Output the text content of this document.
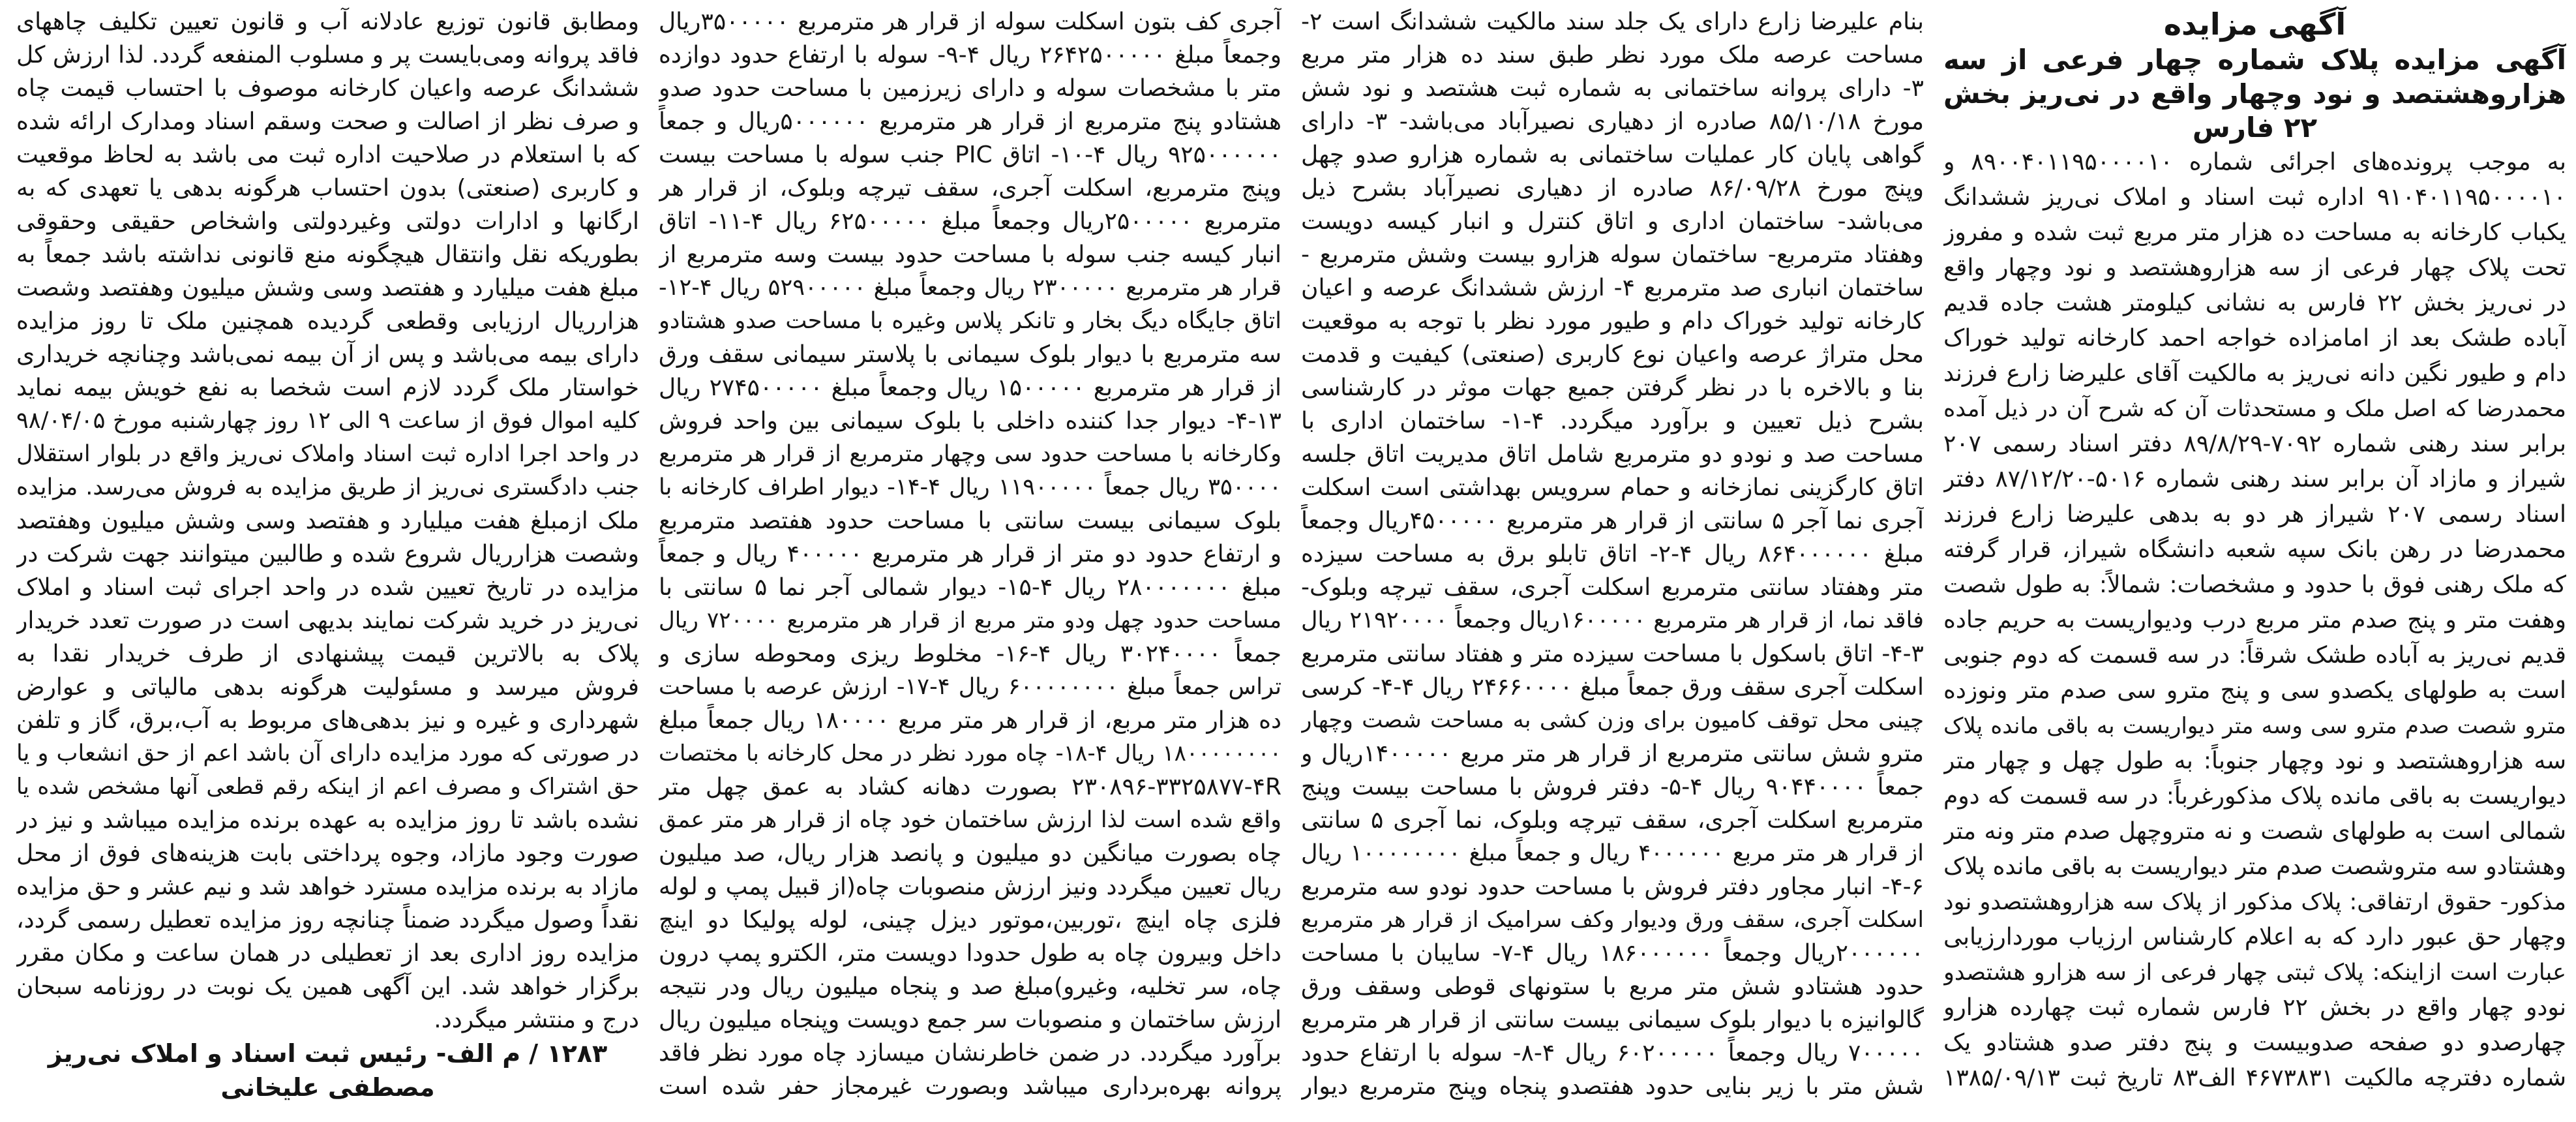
آگهی مزایده
آگهی مزایده پلاک شماره چهار فرعی از سه
هزاروهشتصد و نود وچهار واقع در نی‌ریز بخش
۲۲ فارس
به موجب پرونده‌های اجرائی شماره ۸۹۰۰۴۰۱۱۹۵۰۰۰۰۱۰ و
۹۱۰۴۰۱۱۹۵۰۰۰۰۱۰ اداره ثبت اسناد و املاک نی‌ریز ششدانگ
یکباب کارخانه به مساحت ده هزار متر مربع ثبت شده و مفروز
تحت پلاک چهار فرعی از سه هزاروهشتصد و نود وچهار واقع
در نی‌ریز بخش ۲۲ فارس به نشانی کیلومتر هشت جاده قدیم
آباده طشک بعد از امامزاده خواجه احمد کارخانه تولید خوراک
دام و طیور نگین دانه نی‌ریز به مالکیت آقای علیرضا زارع فرزند
محمدرضا که اصل ملک و مستحدثات آن که شرح آن در ذیل آمده
برابر سند رهنی شماره ۷۰۹۲-۸۹/۸/۲۹ دفتر اسناد رسمی ۲۰۷
شیراز و مازاد آن برابر سند رهنی شماره ۵۰۱۶-۸۷/۱۲/۲۰ دفتر
اسناد رسمی ۲۰۷ شیراز هر دو به بدهی علیرضا زارع فرزند
محمدرضا در رهن بانک سپه شعبه دانشگاه شیراز، قرار گرفته
که ملک رهنی فوق با حدود و مشخصات: شمالاً: به طول شصت
وهفت متر و پنج صدم متر مربع درب ودیواریست به حریم جاده
قدیم نی‌ریز به آباده طشک شرقاً: در سه قسمت که دوم جنوبی
است به طولهای یکصدو سی و پنج مترو سی صدم متر ونوزده
مترو شصت صدم مترو سی وسه متر دیواریست به باقی مانده پلاک
سه هزاروهشتصد و نود وچهار جنوباً: به طول چهل و چهار متر
دیواریست به باقی مانده پلاک مذکورغرباً: در سه قسمت که دوم
شمالی است به طولهای شصت و نه متروچهل صدم متر ونه متر
وهشتادو سه متروشصت صدم متر دیواریست به باقی مانده پلاک
مذکور- حقوق ارتفاقی: پلاک مذکور از پلاک سه هزاروهشتصدو نود
وچهار حق عبور دارد که به اعلام کارشناس ارزیاب موردارزیابی
عبارت است ازاینکه: پلاک ثبتی چهار فرعی از سه هزارو هشتصدو
نودو چهار واقع در بخش ۲۲ فارس شماره ثبت چهارده هزارو
چهارصدو دو صفحه صدوبیست و پنج دفتر صدو هشتادو یک
شماره دفترچه مالکیت ۴۶۷۳۸۳۱ الف۸۳ تاریخ ثبت ۱۳۸۵/۰۹/۱۳
بنام علیرضا زارع دارای یک جلد سند مالکیت ششدانگ است ۲-
مساحت عرصه ملک مورد نظر طبق سند ده هزار متر مربع
۳- دارای پروانه ساختمانی به شماره ثبت هشتصد و نود شش
مورخ ۸۵/۱۰/۱۸ صادره از دهیاری نصیرآباد می‌باشد- ۳- دارای
گواهی پایان کار عملیات ساختمانی به شماره هزارو صدو چهل
وپنج مورخ ۸۶/۰۹/۲۸ صادره از دهیاری نصیرآباد بشرح ذیل
می‌باشد- ساختمان اداری و اتاق کنترل و انبار کیسه دویست
وهفتاد مترمربع- ساختمان سوله هزارو بیست وشش مترمربع -
ساختمان انباری صد مترمربع ۴- ارزش ششدانگ عرصه و اعیان
کارخانه تولید خوراک دام و طیور مورد نظر با توجه به موقعیت
محل متراژ عرصه واعیان نوع کاربری (صنعتی) کیفیت و قدمت
بنا و بالاخره با در نظر گرفتن جمیع جهات موثر در کارشناسی
بشرح ذیل تعیین و برآورد میگردد. ۴-۱- ساختمان اداری با
مساحت صد و نودو دو مترمربع شامل اتاق مدیریت اتاق جلسه
اتاق کارگزینی نمازخانه و حمام سرویس بهداشتی است اسکلت
آجری نما آجر ۵ سانتی از قرار هر مترمربع ۴۵۰۰۰۰۰ریال وجمعاً
مبلغ ۸۶۴۰۰۰۰۰۰ ریال ۴-۲- اتاق تابلو برق به مساحت سیزده
متر وهفتاد سانتی مترمربع اسکلت آجری، سقف تیرچه وبلوک-
فاقد نما، از قرار هر مترمربع ۱۶۰۰۰۰۰ریال وجمعاً ۲۱۹۲۰۰۰۰ ریال
۴-۳- اتاق باسکول با مساحت سیزده متر و هفتاد سانتی مترمربع
اسکلت آجری سقف ورق جمعاً مبلغ ۲۴۶۶۰۰۰۰ ریال ۴-۴- کرسی
چینی محل توقف کامیون برای وزن کشی به مساحت شصت وچهار
مترو شش سانتی مترمربع از قرار هر متر مربع ۱۴۰۰۰۰۰ریال و
جمعاً ۹۰۴۴۰۰۰۰ ریال ۴-۵- دفتر فروش با مساحت بیست وپنج
مترمربع اسکلت آجری، سقف تیرچه وبلوک، نما آجری ۵ سانتی
از قرار هر متر مربع ۴۰۰۰۰۰۰ ریال و جمعاً مبلغ ۱۰۰۰۰۰۰۰۰ ریال
۴-۶- انبار مجاور دفتر فروش با مساحت حدود نودو سه مترمربع
اسکلت آجری، سقف ورق ودیوار وکف سرامیک از قرار هر مترمربع
۲۰۰۰۰۰۰ریال وجمعاً ۱۸۶۰۰۰۰۰۰ ریال ۴-۷- سایبان با مساحت
حدود هشتادو شش متر مربع با ستونهای قوطی وسقف ورق
گالوانیزه با دیوار بلوک سیمانی بیست سانتی از قرار هر مترمربع
۷۰۰۰۰۰ ریال وجمعاً ۶۰۲۰۰۰۰۰ ریال ۴-۸- سوله با ارتفاع حدود
شش متر با زیر بنایی حدود هفتصدو پنجاه وپنج مترمربع دیوار
آجری کف بتون اسکلت سوله از قرار هر مترمربع ۳۵۰۰۰۰۰ریال
وجمعاً مبلغ ۲۶۴۲۵۰۰۰۰۰ ریال ۴-۹- سوله با ارتفاع حدود دوازده
متر با مشخصات سوله و دارای زیرزمین با مساحت حدود صدو
هشتادو پنج مترمربع از قرار هر مترمربع ۵۰۰۰۰۰۰ریال و جمعاً
۹۲۵۰۰۰۰۰۰ ریال ۴-۱۰- اتاق PIC جنب سوله با مساحت بیست
وپنج مترمربع، اسکلت آجری، سقف تیرچه وبلوک، از قرار هر
مترمربع ۲۵۰۰۰۰۰ریال وجمعاً مبلغ ۶۲۵۰۰۰۰۰ ریال ۴-۱۱- اتاق
انبار کیسه جنب سوله با مساحت حدود بیست وسه مترمربع از
قرار هر مترمربع ۲۳۰۰۰۰۰ ریال وجمعاً مبلغ ۵۲۹۰۰۰۰۰ ریال ۴-۱۲-
اتاق جایگاه دیگ بخار و تانکر پلاس وغیره با مساحت صدو هشتادو
سه مترمربع با دیوار بلوک سیمانی با پلاستر سیمانی سقف ورق
از قرار هر مترمربع ۱۵۰۰۰۰۰ ریال وجمعاً مبلغ ۲۷۴۵۰۰۰۰۰ ریال
۴-۱۳- دیوار جدا کننده داخلی با بلوک سیمانی بین واحد فروش
وکارخانه با مساحت حدود سی وچهار مترمربع از قرار هر مترمربع
۳۵۰۰۰۰ ریال جمعاً ۱۱۹۰۰۰۰۰ ریال ۴-۱۴- دیوار اطراف کارخانه با
بلوک سیمانی بیست سانتی با مساحت حدود هفتصد مترمربع
و ارتفاع حدود دو متر از قرار هر مترمربع ۴۰۰۰۰۰ ریال و جمعاً
مبلغ ۲۸۰۰۰۰۰۰۰ ریال ۴-۱۵- دیوار شمالی آجر نما ۵ سانتی با
مساحت حدود چهل ودو متر مربع از قرار هر مترمربع ۷۲۰۰۰۰ ریال
جمعاً ۳۰۲۴۰۰۰۰ ریال ۴-۱۶- مخلوط ریزی ومحوطه سازی و
تراس جمعاً مبلغ ۶۰۰۰۰۰۰۰۰ ریال ۴-۱۷- ارزش عرصه با مساحت
ده هزار متر مربع، از قرار هر متر مربع ۱۸۰۰۰۰ ریال جمعاً مبلغ
۱۸۰۰۰۰۰۰۰۰ ریال ۴-۱۸- چاه مورد نظر در محل کارخانه با مختصات
۲۳۰۸۹۶-۳۳۲۵۸۷۷-۴R بصورت دهانه کشاد به عمق چهل متر
واقع شده است لذا ارزش ساختمان خود چاه از قرار هر متر عمق
چاه بصورت میانگین دو میلیون و پانصد هزار ریال، صد میلیون
ریال تعیین میگردد ونیز ارزش منصوبات چاه(از قبیل پمپ و لوله
فلزی چاه اینچ ،توربین،موتور دیزل چینی، لوله پولیکا دو اینچ
داخل وبیرون چاه به طول حدودا دویست متر، الکترو پمپ درون
چاه، سر تخلیه، وغیرو)مبلغ صد و پنجاه میلیون ریال ودر نتیجه
ارزش ساختمان و منصوبات سر جمع دویست وپنجاه میلیون ریال
برآورد میگردد. در ضمن خاطرنشان میسازد چاه مورد نظر فاقد
پروانه بهره‌برداری میباشد وبصورت غیرمجاز حفر شده است
ومطابق قانون توزیع عادلانه آب و قانون تعیین تکلیف چاههای
فاقد پروانه ومی‌بایست پر و مسلوب المنفعه گردد. لذا ارزش کل
ششدانگ عرصه واعیان کارخانه موصوف با احتساب قیمت چاه
و صرف نظر از اصالت و صحت وسقم اسناد ومدارک ارائه شده
که با استعلام در صلاحیت اداره ثبت می باشد به لحاظ موقعیت
و کاربری (صنعتی) بدون احتساب هرگونه بدهی یا تعهدی که به
ارگانها و ادارات دولتی وغیردولتی واشخاص حقیقی وحقوقی
بطوریکه نقل وانتقال هیچگونه منع قانونی نداشته باشد جمعاً به
مبلغ هفت میلیارد و هفتصد وسی وشش میلیون وهفتصد وشصت
هزارریال ارزیابی وقطعی گردیده همچنین ملک تا روز مزایده
دارای بیمه می‌باشد و پس از آن بیمه نمی‌باشد وچنانچه خریداری
خواستار ملک گردد لازم است شخصا به نفع خویش بیمه نماید
کلیه اموال فوق از ساعت ۹ الی ۱۲ روز چهارشنبه مورخ ۹۸/۰۴/۰۵
در واحد اجرا اداره ثبت اسناد واملاک نی‌ریز واقع در بلوار استقلال
جنب دادگستری نی‌ریز از طریق مزایده به فروش می‌رسد. مزایده
ملک ازمبلغ هفت میلیارد و هفتصد وسی وشش میلیون وهفتصد
وشصت هزارریال شروع شده و طالبین میتوانند جهت شرکت در
مزایده در تاریخ تعیین شده در واحد اجرای ثبت اسناد و املاک
نی‌ریز در خرید شرکت نمایند بدیهی است در صورت تعدد خریدار
پلاک به بالاترین قیمت پیشنهادی از طرف خریدار نقدا به
فروش میرسد و مسئولیت هرگونه بدهی مالیاتی و عوارض
شهرداری و غیره و نیز بدهی‌های مربوط به آب،برق، گاز و تلفن
در صورتی که مورد مزایده دارای آن باشد اعم از حق انشعاب و یا
حق اشتراک و مصرف اعم از اینکه رقم قطعی آنها مشخص شده یا
نشده باشد تا روز مزایده به عهده برنده مزایده میباشد و نیز در
صورت وجود مازاد، وجوه پرداختی بابت هزینه‌های فوق از محل
مازاد به برنده مزایده مسترد خواهد شد و نیم عشر و حق مزایده
نقداً وصول میگردد ضمناً چنانچه روز مزایده تعطیل رسمی گردد،
مزایده روز اداری بعد از تعطیلی در همان ساعت و مکان مقرر
برگزار خواهد شد. این آگهی همین یک نوبت در روزنامه سبحان
درج و منتشر میگردد.
۱۲۸۳ / م الف- رئیس ثبت اسناد و املاک نی‌ریز
مصطفی علیخانی
